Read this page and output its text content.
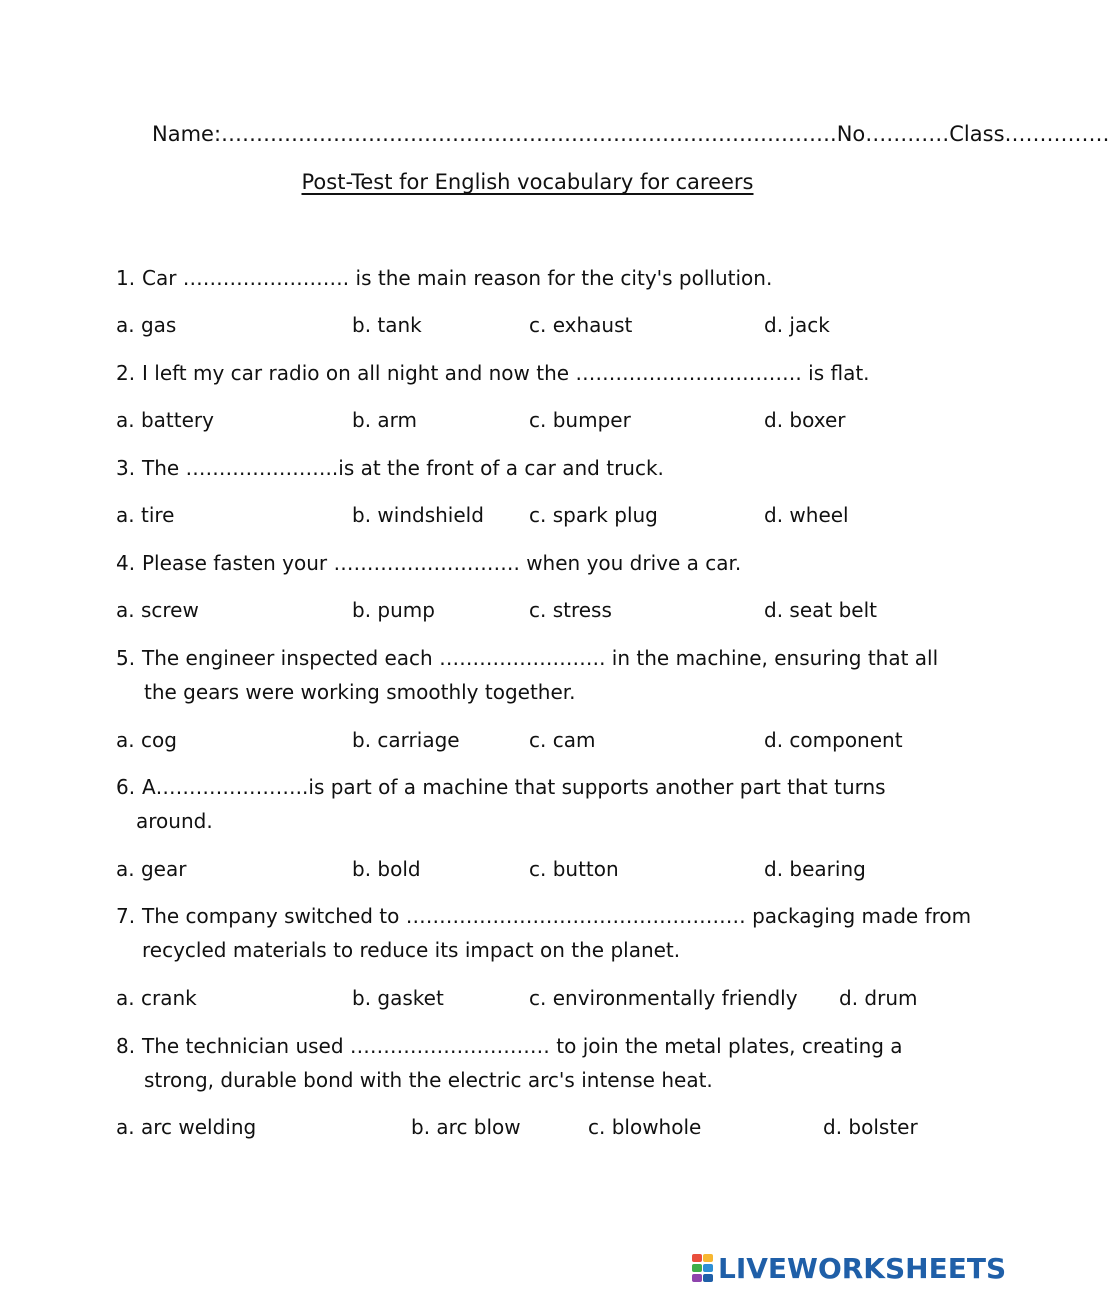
Name:…………………………………………………………………………….No…………Class……………
Post-Test for English vocabulary for careers
1. Car ……………………. is the main reason for the city's pollution.
a. gas	b. tank	c. exhaust	d. jack
2. I left my car radio on all night and now the ……………………………. is flat.
a. battery	b. arm	c. bumper	d. boxer
3. The …………………..is at the front of a car and truck.
a. tire	b. windshield c. spark plug	d. wheel
4. Please fasten your ………………………. when you drive a car.
a. screw	b. pump	c. stress	d. seat belt
5. The engineer inspected each ……………………. in the machine, ensuring that all
the gears were working smoothly together.
a. cog	b. carriage	c. cam	d. component
6. A…………………..is part of a machine that supports another part that turns
around.
a. gear	b. bold	c. button	d. bearing
7. The company switched to …………………………………………… packaging made from
recycled materials to reduce its impact on the planet.
a. crank	b. gasket	c. environmentally friendly d. drum
8. The technician used ………………………… to join the metal plates, creating a
strong, durable bond with the electric arc's intense heat.
a. arc welding	b. arc blow	c. blowhole	d. bolster
LIVEWORKSHEETS
